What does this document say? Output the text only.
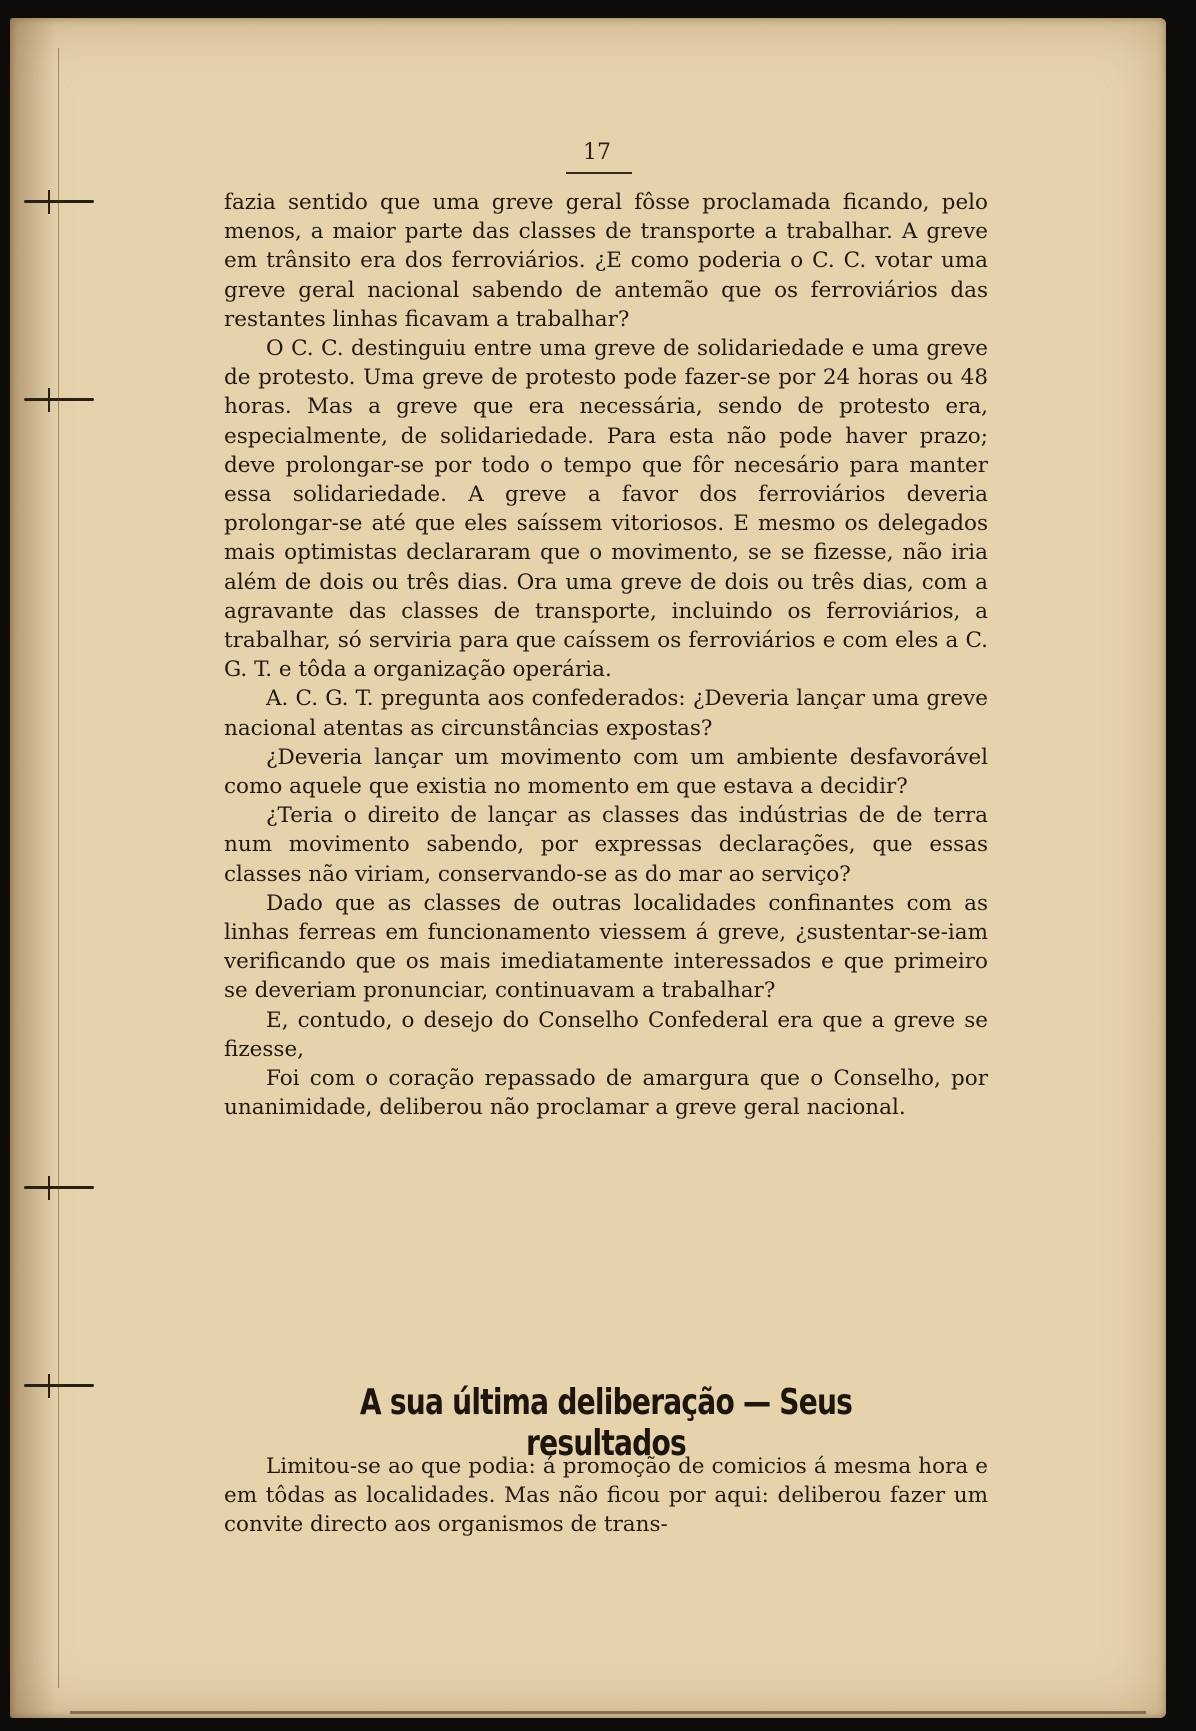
17

fazia sentido que uma greve geral fôsse proclamada ficando, pelo menos, a maior parte das classes de transporte a trabalhar. A greve em trânsito era dos ferroviários. ¿E como poderia o C. C. votar uma greve geral nacional sabendo de antemão que os ferroviários das restantes linhas ficavam a trabalhar?

O C. C. destinguiu entre uma greve de solidariedade e uma greve de protesto. Uma greve de protesto pode fazer-se por 24 horas ou 48 horas. Mas a greve que era necessária, sendo de protesto era, especialmente, de solidariedade. Para esta não pode haver prazo; deve prolongar-se por todo o tempo que fôr necesário para manter essa solidariedade. A greve a favor dos ferroviários deveria prolongar-se até que eles saíssem vitoriosos. E mesmo os delegados mais optimistas declararam que o movimento, se se fizesse, não iria além de dois ou três dias. Ora uma greve de dois ou três dias, com a agravante das classes de transporte, incluindo os ferroviários, a trabalhar, só serviria para que caíssem os ferroviários e com eles a C. G. T. e tôda a organização operária.

A. C. G. T. pregunta aos confederados: ¿Deveria lançar uma greve nacional atentas as circunstâncias expostas?

¿Deveria lançar um movimento com um ambiente desfavorável como aquele que existia no momento em que estava a decidir?

¿Teria o direito de lançar as classes das indústrias de de terra num movimento sabendo, por expressas declarações, que essas classes não viriam, conservando-se as do mar ao serviço?

Dado que as classes de outras localidades confinantes com as linhas ferreas em funcionamento viessem á greve, ¿sustentar-se-iam verificando que os mais imediatamente interessados e que primeiro se deveriam pronunciar, continuavam a trabalhar?

E, contudo, o desejo do Conselho Confederal era que a greve se fizesse,

Foi com o coração repassado de amargura que o Conselho, por unanimidade, deliberou não proclamar a greve geral nacional.

A sua última deliberação — Seus resultados

Limitou-se ao que podia: á promoção de comicios á mesma hora e em tôdas as localidades. Mas não ficou por aqui: deliberou fazer um convite directo aos organismos de trans-
